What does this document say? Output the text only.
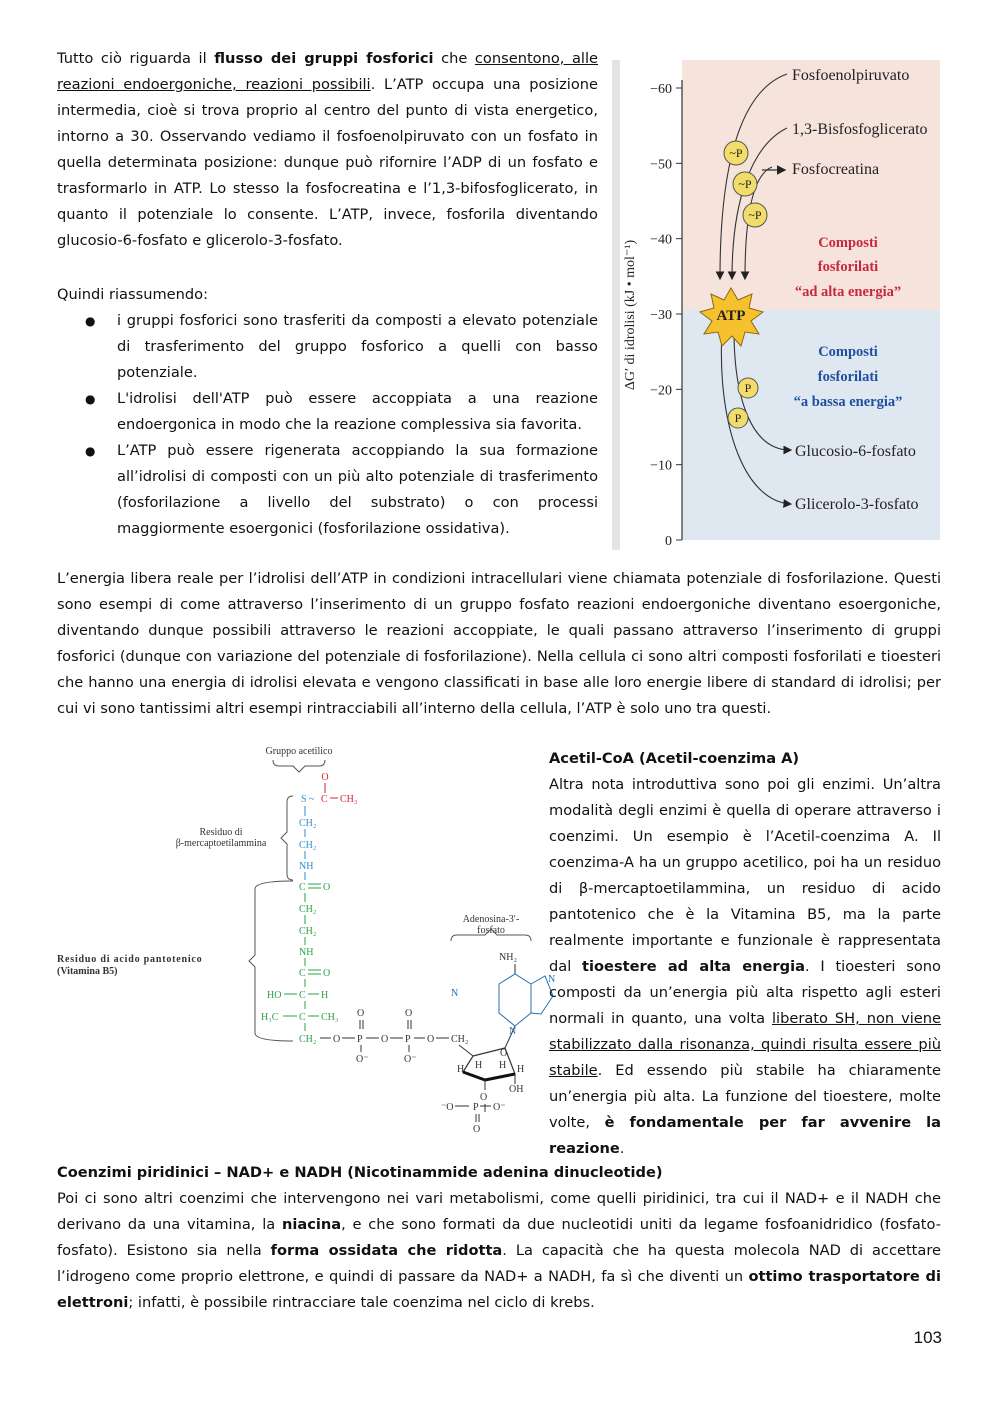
Tutto ciò riguarda il flusso dei gruppi fosforici che consentono, alle reazioni endoergoniche, reazioni possibili. L’ATP occupa una posizione intermedia, cioè si trova proprio al centro del punto di vista energetico, intorno a 30. Osservando vediamo il fosfoenolpiruvato con un fosfato in quella determinata posizione: dunque può rifornire l’ADP di un fosfato e trasformarlo in ATP. Lo stesso la fosfocreatina e l’1,3-bifosfoglicerato, in quanto il potenziale lo consente. L’ATP, invece, fosforila diventando glucosio-6-fosfato e glicerolo-3-fosfato.

Quindi riassumendo:

● i gruppi fosforici sono trasferiti da composti a elevato potenziale di trasferimento del gruppo fosforico a quelli con basso potenziale.
● L'idrolisi dell'ATP può essere accoppiata a una reazione endoergonica in modo che la reazione complessiva sia favorita.
● L’ATP può essere rigenerata accoppiando la sua formazione all’idrolisi di composti con un più alto potenziale di trasferimento (fosforilazione a livello del substrato) o con processi maggiormente esoergonici (fosforilazione ossidativa).
−60
−50
−40
−30
−20
−10
0
ΔG′ di idrolisi (kJ • mol⁻¹)
Fosfoenolpiruvato
1,3-Bisfosfoglicerato
Fosfocreatina
Glucosio-6-fosfato
Glicerolo-3-fosfato
Composti
fosforilati
“ad alta energia”
Composti
fosforilati
“a bassa energia”
~P
~P
~P
P
P
ATP

L’energia libera reale per l’idrolisi dell’ATP in condizioni intracellulari viene chiamata potenziale di fosforilazione. Questi sono esempi di come attraverso l’inserimento di un gruppo fosfato reazioni endoergoniche diventano esoergoniche, diventando dunque possibili attraverso le reazioni accoppiate, le quali passano attraverso l’inserimento di gruppi fosforici (dunque con variazione del potenziale di fosforilazione). Nella cellula ci sono altri composti fosforilati e tioesteri che hanno una energia di idrolisi elevata e vengono classificati in base alle loro energie libere di standard di idrolisi; per cui vi sono tantissimi altri esempi rintracciabili all’interno della cellula, l’ATP è solo uno tra questi.

Gruppo acetilico
Residuo di
β-mercaptoetilammina
Residuo di acido pantotenico
(Vitamina B5)
Adenosina-3′-
fosfato
O
S ~ C CH₃
CH₂
CH₂
NH
C O
CH₂
CH₂
NH
C O
HO C H
H₃C C CH₃
CH₂ O P
O
O⁻
O P
O
O⁻
O CH₂
O
H H
H	H
O
OH
⁻O P O⁻
O
NH₂
N
N
N
Acetil-CoA (Acetil-coenzima A)

Altra nota introduttiva sono poi gli enzimi. Un’altra modalità degli enzimi è quella di operare attraverso i coenzimi. Un esempio è l’Acetil-coenzima A. Il coenzima-A ha un gruppo acetilico, poi ha un residuo di β-mercaptoetilammina, un residuo di acido pantotenico che è la Vitamina B5, ma la parte realmente importante e funzionale è rappresentata dal tioestere ad alta energia. I tioesteri sono composti da un’energia più alta rispetto agli esteri normali in quanto, una volta liberato SH, non viene stabilizzato dalla risonanza, quindi risulta essere più stabile. Ed essendo più stabile ha chiaramente un’energia più alta. La funzione del tioestere, molte volte, è fondamentale per far avvenire la reazione.

Coenzimi piridinici – NAD+ e NADH (Nicotinammide adenina dinucleotide)

Poi ci sono altri coenzimi che intervengono nei vari metabolismi, come quelli piridinici, tra cui il NAD+ e il NADH che derivano da una vitamina, la niacina, e che sono formati da due nucleotidi uniti da legame fosfoanidridico (fosfato-fosfato). Esistono sia nella forma ossidata che ridotta. La capacità che ha questa molecola NAD di accettare l’idrogeno come proprio elettrone, e quindi di passare da NAD+ a NADH, fa sì che diventi un ottimo trasportatore di elettroni; infatti, è possibile rintracciare tale coenzima nel ciclo di krebs.

103
